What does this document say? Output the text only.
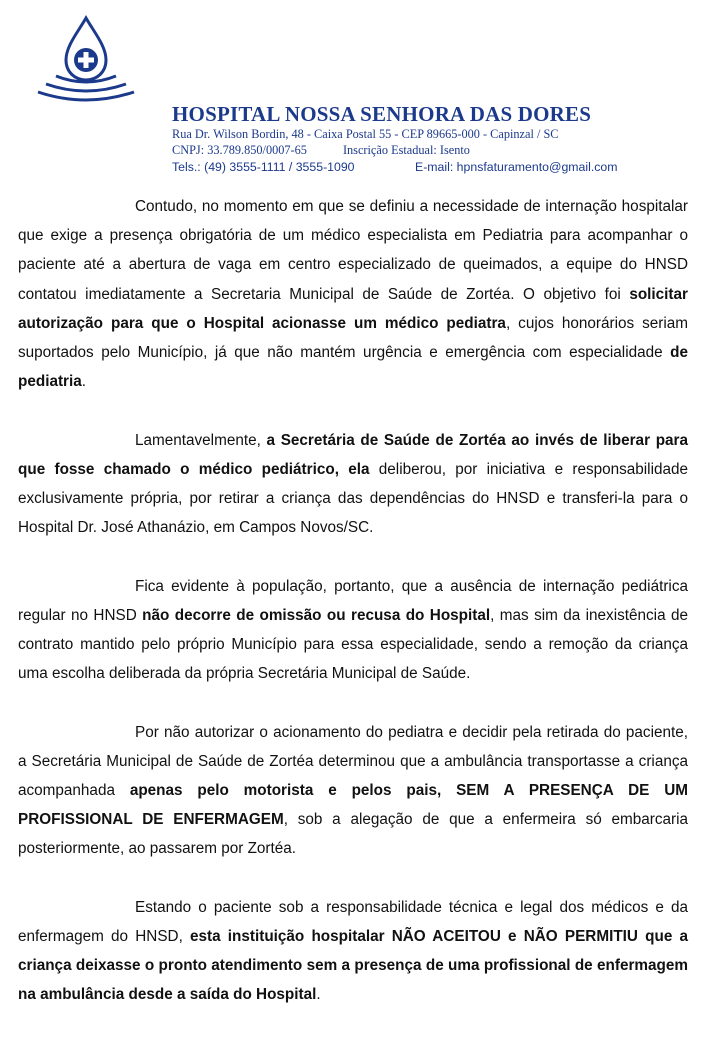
HOSPITAL NOSSA SENHORA DAS DORES
Rua Dr. Wilson Bordin, 48 - Caixa Postal 55 - CEP 89665-000 - Capinzal / SC
CNPJ: 33.789.850/0007-65	Inscrição Estadual: Isento
Tels.: (49) 3555-1111 / 3555-1090	E-mail: hpnsfaturamento@gmail.com

Contudo, no momento em que se definiu a necessidade de internação hospitalar que exige a presença obrigatória de um médico especialista em Pediatria para acompanhar o paciente até a abertura de vaga em centro especializado de queimados, a equipe do HNSD contatou imediatamente a Secretaria Municipal de Saúde de Zortéa. O objetivo foi solicitar autorização para que o Hospital acionasse um médico pediatra, cujos honorários seriam suportados pelo Município, já que não mantém urgência e emergência com especialidade de pediatria.

Lamentavelmente, a Secretária de Saúde de Zortéa ao invés de liberar para que fosse chamado o médico pediátrico, ela deliberou, por iniciativa e responsabilidade exclusivamente própria, por retirar a criança das dependências do HNSD e transferi-la para o Hospital Dr. José Athanázio, em Campos Novos/SC.

Fica evidente à população, portanto, que a ausência de internação pediátrica regular no HNSD não decorre de omissão ou recusa do Hospital, mas sim da inexistência de contrato mantido pelo próprio Município para essa especialidade, sendo a remoção da criança uma escolha deliberada da própria Secretária Municipal de Saúde.

Por não autorizar o acionamento do pediatra e decidir pela retirada do paciente, a Secretária Municipal de Saúde de Zortéa determinou que a ambulância transportasse a criança acompanhada apenas pelo motorista e pelos pais, SEM A PRESENÇA DE UM PROFISSIONAL DE ENFERMAGEM, sob a alegação de que a enfermeira só embarcaria posteriormente, ao passarem por Zortéa.

Estando o paciente sob a responsabilidade técnica e legal dos médicos e da enfermagem do HNSD, esta instituição hospitalar NÃO ACEITOU e NÃO PERMITIU que a criança deixasse o pronto atendimento sem a presença de uma profissional de enfermagem na ambulância desde a saída do Hospital.
